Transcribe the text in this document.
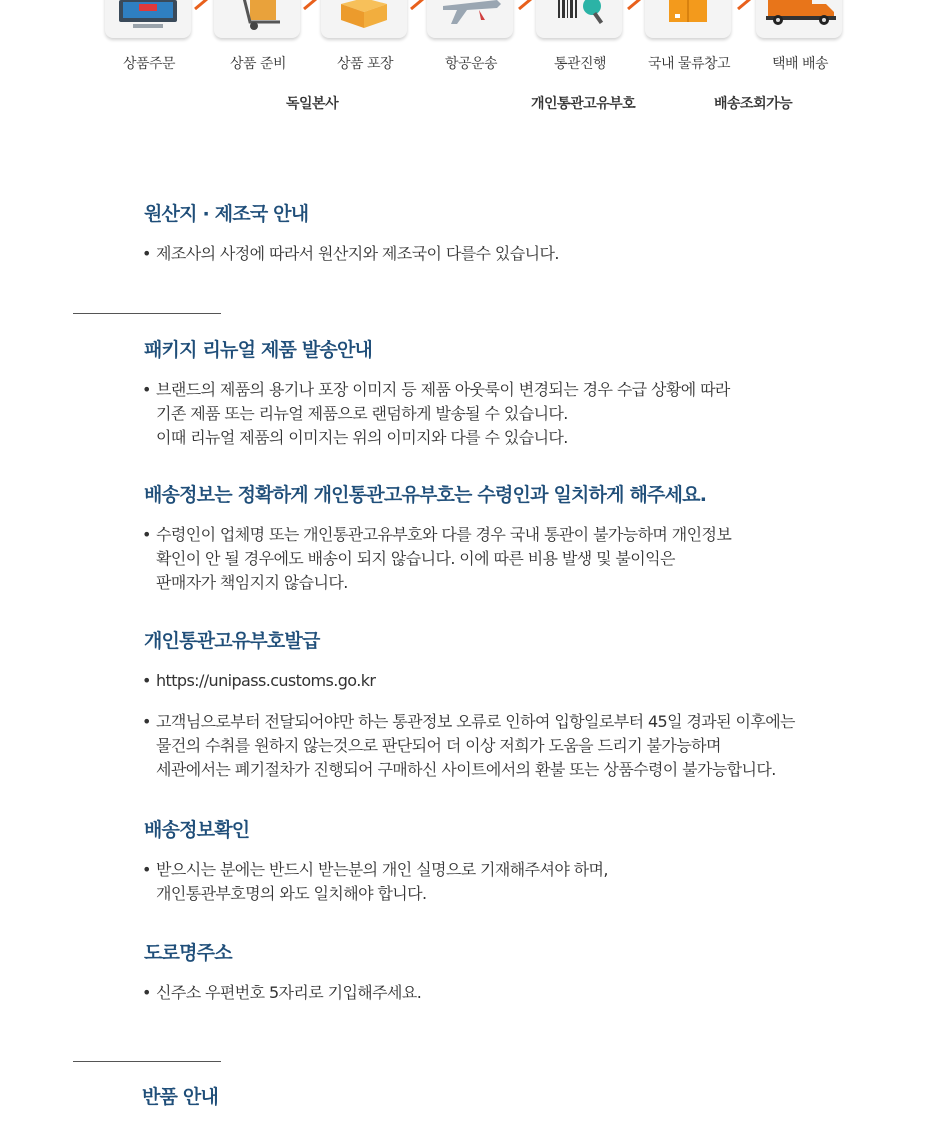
상품주문	상품 준비	상품 포장	항공운송	통관진행	국내 물류창고	택배 배송
독일본사	개인통관고유부호	배송조회가능
원산지 · 제조국 안내
• 제조사의 사정에 따라서 원산지와 제조국이 다를수 있습니다.
패키지 리뉴얼 제품 발송안내
• 브랜드의 제품의 용기나 포장 이미지 등 제품 아웃룩이 변경되는 경우 수급 상황에 따라
기존 제품 또는 리뉴얼 제품으로 랜덤하게 발송될 수 있습니다.
이때 리뉴얼 제품의 이미지는 위의 이미지와 다를 수 있습니다.
배송정보는 정확하게 개인통관고유부호는 수령인과 일치하게 해주세요.
• 수령인이 업체명 또는 개인통관고유부호와 다를 경우 국내 통관이 불가능하며 개인정보
확인이 안 될 경우에도 배송이 되지 않습니다. 이에 따른 비용 발생 및 불이익은
판매자가 책임지지 않습니다.
개인통관고유부호발급
• https://unipass.customs.go.kr
• 고객님으로부터 전달되어야만 하는 통관정보 오류로 인하여 입항일로부터 45일 경과된 이후에는
물건의 수취를 원하지 않는것으로 판단되어 더 이상 저희가 도움을 드리기 불가능하며
세관에서는 폐기절차가 진행되어 구매하신 사이트에서의 환불 또는 상품수령이 불가능합니다.
배송정보확인
• 받으시는 분에는 반드시 받는분의 개인 실명으로 기재해주셔야 하며,
개인통관부호명의 와도 일치해야 합니다.
도로명주소
• 신주소 우편번호 5자리로 기입해주세요.
반품 안내
